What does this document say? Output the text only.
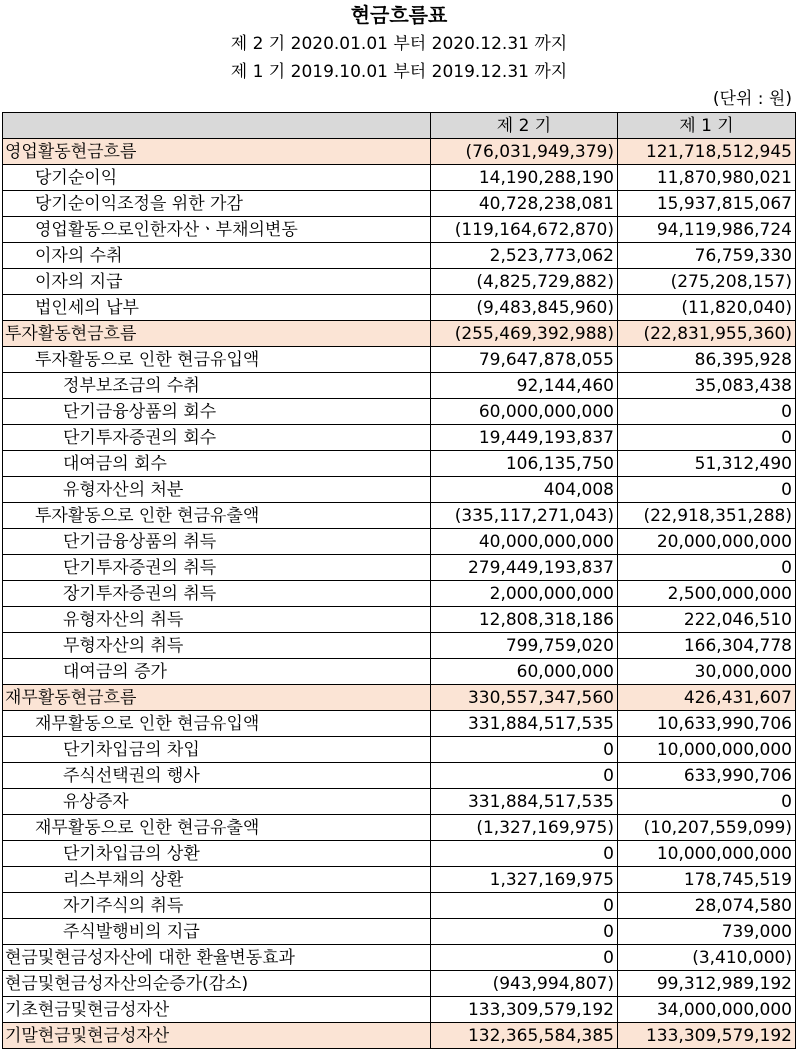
현금흐름표
제 2 기 2020.01.01 부터 2020.12.31 까지
제 1 기 2019.10.01 부터 2019.12.31 까지
(단위 : 원)
	제 2 기	제 1 기
영업활동현금흐름	(76,031,949,379)	121,718,512,945
당기순이익	14,190,288,190	11,870,980,021
당기순이익조정을 위한 가감	40,728,238,081	15,937,815,067
영업활동으로인한자산ㆍ부채의변동	(119,164,672,870)	94,119,986,724
이자의 수취	2,523,773,062	76,759,330
이자의 지급	(4,825,729,882)	(275,208,157)
법인세의 납부	(9,483,845,960)	(11,820,040)
투자활동현금흐름	(255,469,392,988)	(22,831,955,360)
투자활동으로 인한 현금유입액	79,647,878,055	86,395,928
정부보조금의 수취	92,144,460	35,083,438
단기금융상품의 회수	60,000,000,000	0
단기투자증권의 회수	19,449,193,837	0
대여금의 회수	106,135,750	51,312,490
유형자산의 처분	404,008	0
투자활동으로 인한 현금유출액	(335,117,271,043)	(22,918,351,288)
단기금융상품의 취득	40,000,000,000	20,000,000,000
단기투자증권의 취득	279,449,193,837	0
장기투자증권의 취득	2,000,000,000	2,500,000,000
유형자산의 취득	12,808,318,186	222,046,510
무형자산의 취득	799,759,020	166,304,778
대여금의 증가	60,000,000	30,000,000
재무활동현금흐름	330,557,347,560	426,431,607
재무활동으로 인한 현금유입액	331,884,517,535	10,633,990,706
단기차입금의 차입	0	10,000,000,000
주식선택권의 행사	0	633,990,706
유상증자	331,884,517,535	0
재무활동으로 인한 현금유출액	(1,327,169,975)	(10,207,559,099)
단기차입금의 상환	0	10,000,000,000
리스부채의 상환	1,327,169,975	178,745,519
자기주식의 취득	0	28,074,580
주식발행비의 지급	0	739,000
현금및현금성자산에 대한 환율변동효과	0	(3,410,000)
현금및현금성자산의순증가(감소)	(943,994,807)	99,312,989,192
기초현금및현금성자산	133,309,579,192	34,000,000,000
기말현금및현금성자산	132,365,584,385	133,309,579,192
